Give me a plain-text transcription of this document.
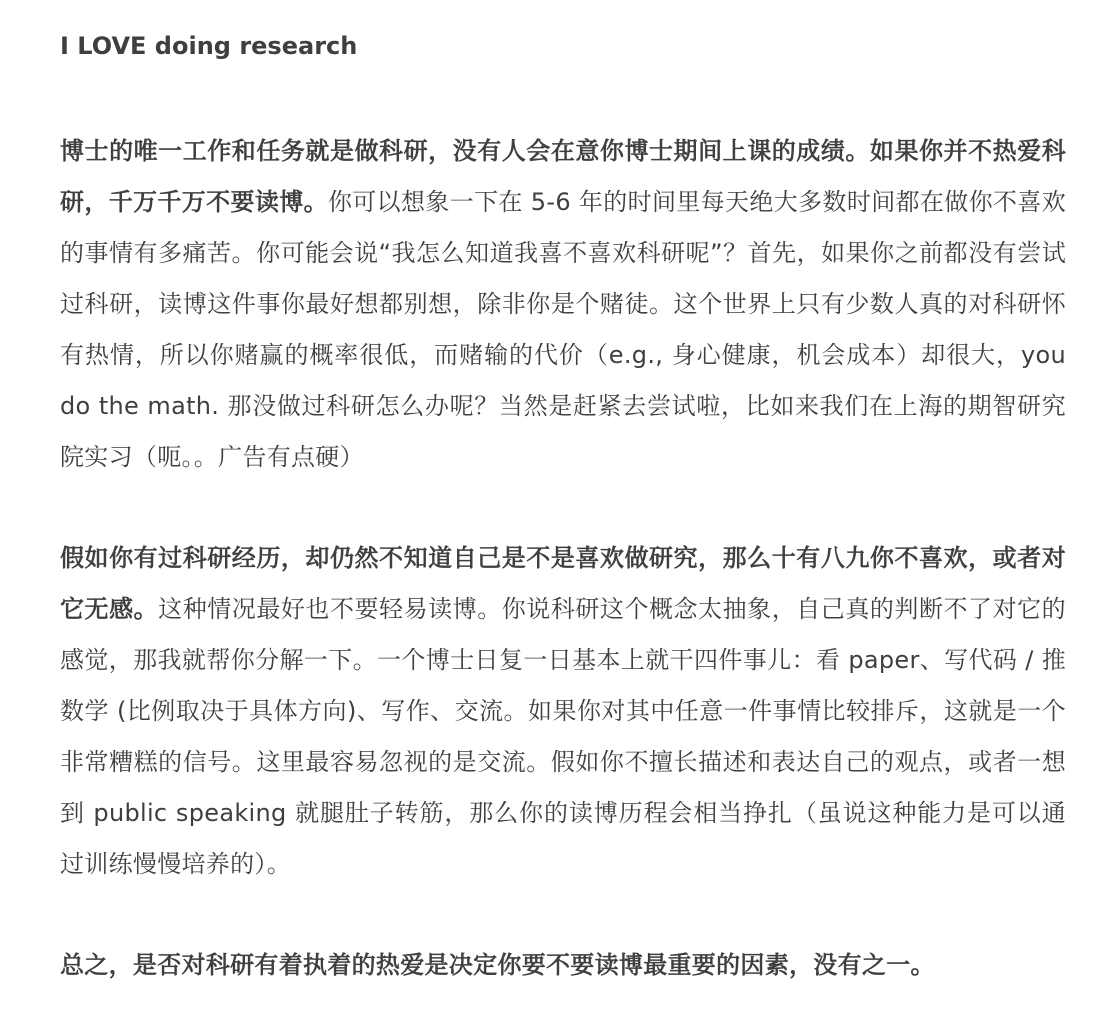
I LOVE doing research

博士的唯一工作和任务就是做科研，没有人会在意你博士期间上课的成绩。如果你并不热爱科研，千万千万不要读博。你可以想象一下在 5-6 年的时间里每天绝大多数时间都在做你不喜欢的事情有多痛苦。你可能会说“我怎么知道我喜不喜欢科研呢”？首先，如果你之前都没有尝试过科研，读博这件事你最好想都别想，除非你是个赌徒。这个世界上只有少数人真的对科研怀有热情，所以你赌赢的概率很低，而赌输的代价（e.g., 身心健康，机会成本）却很大，you do the math. 那没做过科研怎么办呢？当然是赶紧去尝试啦，比如来我们在上海的期智研究院实习（呃。。广告有点硬）

假如你有过科研经历，却仍然不知道自己是不是喜欢做研究，那么十有八九你不喜欢，或者对它无感。这种情况最好也不要轻易读博。你说科研这个概念太抽象，自己真的判断不了对它的感觉，那我就帮你分解一下。一个博士日复一日基本上就干四件事儿：看 paper、写代码 / 推数学 (比例取决于具体方向)、写作、交流。如果你对其中任意一件事情比较排斥，这就是一个非常糟糕的信号。这里最容易忽视的是交流。假如你不擅长描述和表达自己的观点，或者一想到 public speaking 就腿肚子转筋，那么你的读博历程会相当挣扎（虽说这种能力是可以通过训练慢慢培养的）。

总之，是否对科研有着执着的热爱是决定你要不要读博最重要的因素，没有之一。
